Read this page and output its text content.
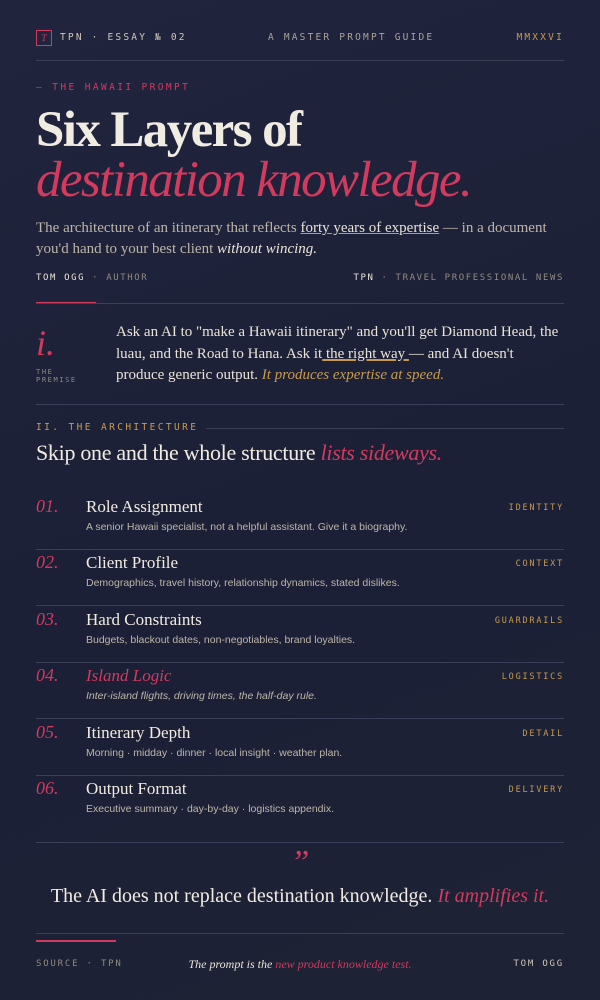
T	TPN · ESSAY № 02	A MASTER PROMPT GUIDE	MMXXVI
— THE HAWAII PROMPT
Six Layers of
destination knowledge.
The architecture of an itinerary that reflects forty years of expertise — in a document you'd hand to your best client without wincing.
TOM OGG · AUTHOR	TPN · TRAVEL PROFESSIONAL NEWS
i.
THE
PREMISE
Ask an AI to "make a Hawaii itinerary" and you'll get Diamond Head, the luau, and the Road to Hana. Ask it the right way — and AI doesn't produce generic output. It produces expertise at speed.
II. THE ARCHITECTURE
Skip one and the whole structure lists sideways.
01. Role Assignment
A senior Hawaii specialist, not a helpful assistant. Give it a biography.
IDENTITY
02. Client Profile
Demographics, travel history, relationship dynamics, stated dislikes.
CONTEXT
03. Hard Constraints
Budgets, blackout dates, non-negotiables, brand loyalties.
GUARDRAILS
04. Island Logic
Inter-island flights, driving times, the half-day rule.
LOGISTICS
05. Itinerary Depth
Morning · midday · dinner · local insight · weather plan.
DETAIL
06. Output Format
Executive summary · day-by-day · logistics appendix.
DELIVERY
”
The AI does not replace destination knowledge. It amplifies it.
SOURCE · TPN	The prompt is the new product knowledge test.	TOM OGG
